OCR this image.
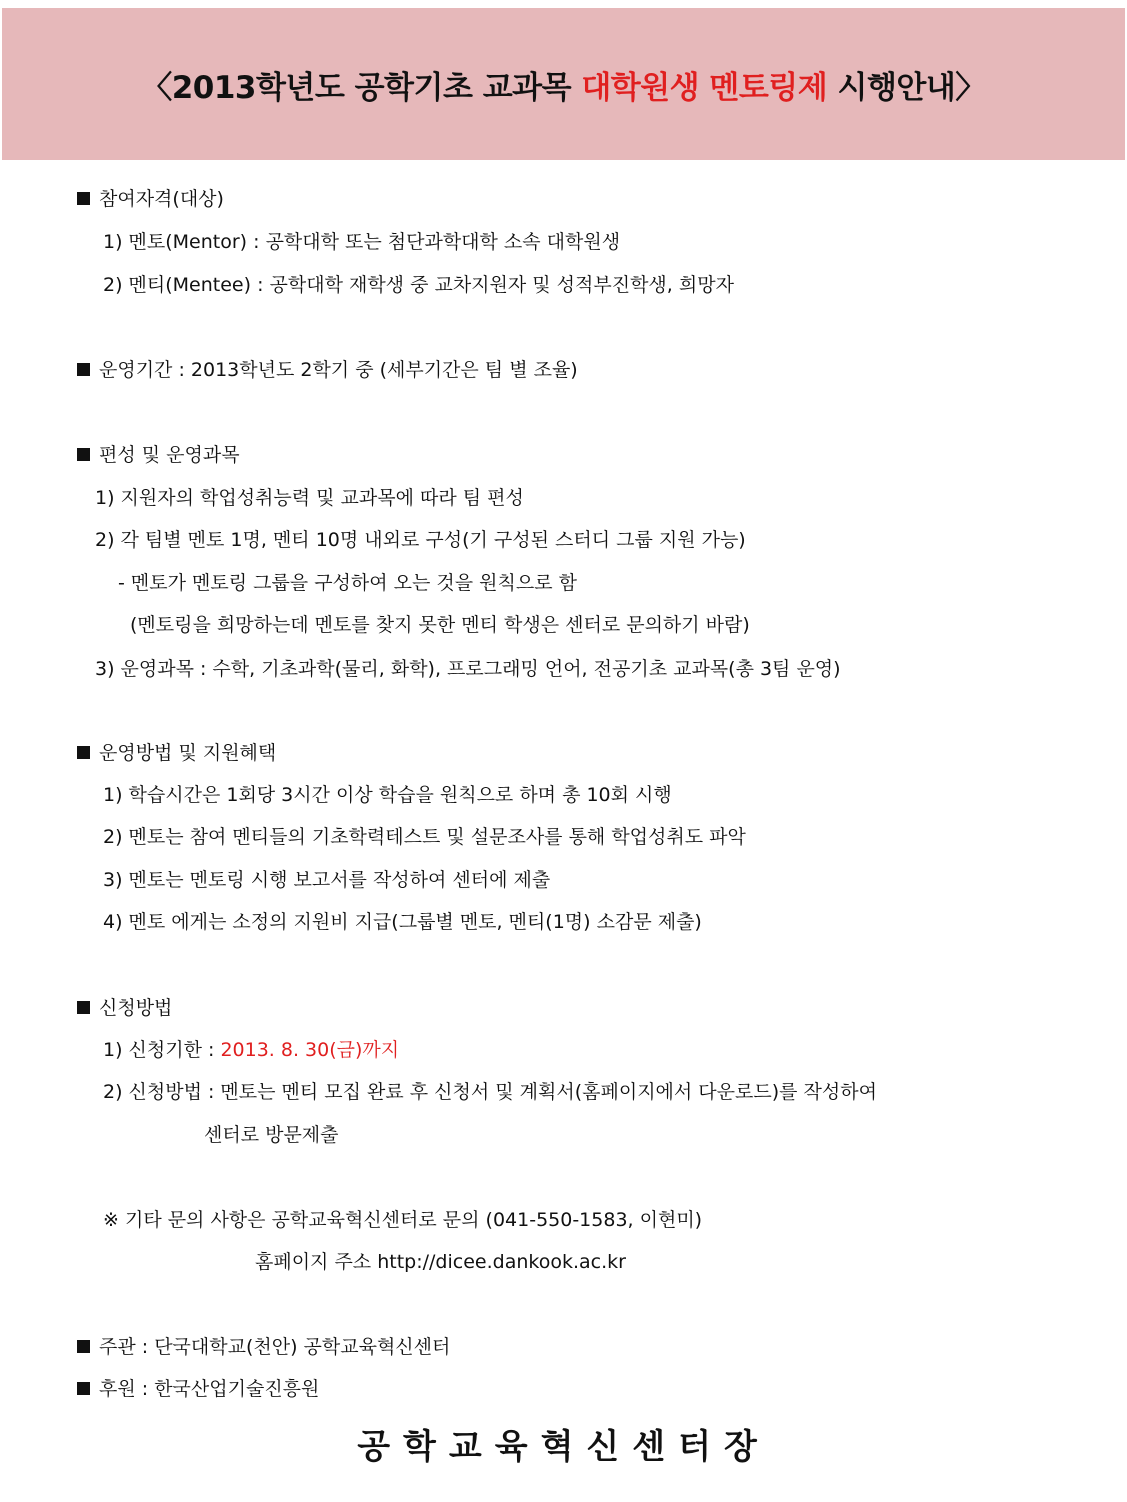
〈2013학년도 공학기초 교과목 대학원생 멘토링제 시행안내〉
참여자격(대상)
1) 멘토(Mentor) : 공학대학 또는 첨단과학대학 소속 대학원생
2) 멘티(Mentee) : 공학대학 재학생 중 교차지원자 및 성적부진학생, 희망자
운영기간 : 2013학년도 2학기 중 (세부기간은 팀 별 조율)
편성 및 운영과목
1) 지원자의 학업성취능력 및 교과목에 따라 팀 편성
2) 각 팀별 멘토 1명, 멘티 10명 내외로 구성(기 구성된 스터디 그룹 지원 가능)
- 멘토가 멘토링 그룹을 구성하여 오는 것을 원칙으로 함
(멘토링을 희망하는데 멘토를 찾지 못한 멘티 학생은 센터로 문의하기 바람)
3) 운영과목 : 수학, 기초과학(물리, 화학), 프로그래밍 언어, 전공기초 교과목(총 3팀 운영)
운영방법 및 지원혜택
1) 학습시간은 1회당 3시간 이상 학습을 원칙으로 하며 총 10회 시행
2) 멘토는 참여 멘티들의 기초학력테스트 및 설문조사를 통해 학업성취도 파악
3) 멘토는 멘토링 시행 보고서를 작성하여 센터에 제출
4) 멘토 에게는 소정의 지원비 지급(그룹별 멘토, 멘티(1명) 소감문 제출)
신청방법
1) 신청기한 : 2013. 8. 30(금)까지
2) 신청방법 : 멘토는 멘티 모집 완료 후 신청서 및 계획서(홈페이지에서 다운로드)를 작성하여
센터로 방문제출
※ 기타 문의 사항은 공학교육혁신센터로 문의 (041-550-1583, 이현미)
홈페이지 주소 http://dicee.dankook.ac.kr
주관 : 단국대학교(천안) 공학교육혁신센터
후원 : 한국산업기술진흥원
공학교육혁신센터장
